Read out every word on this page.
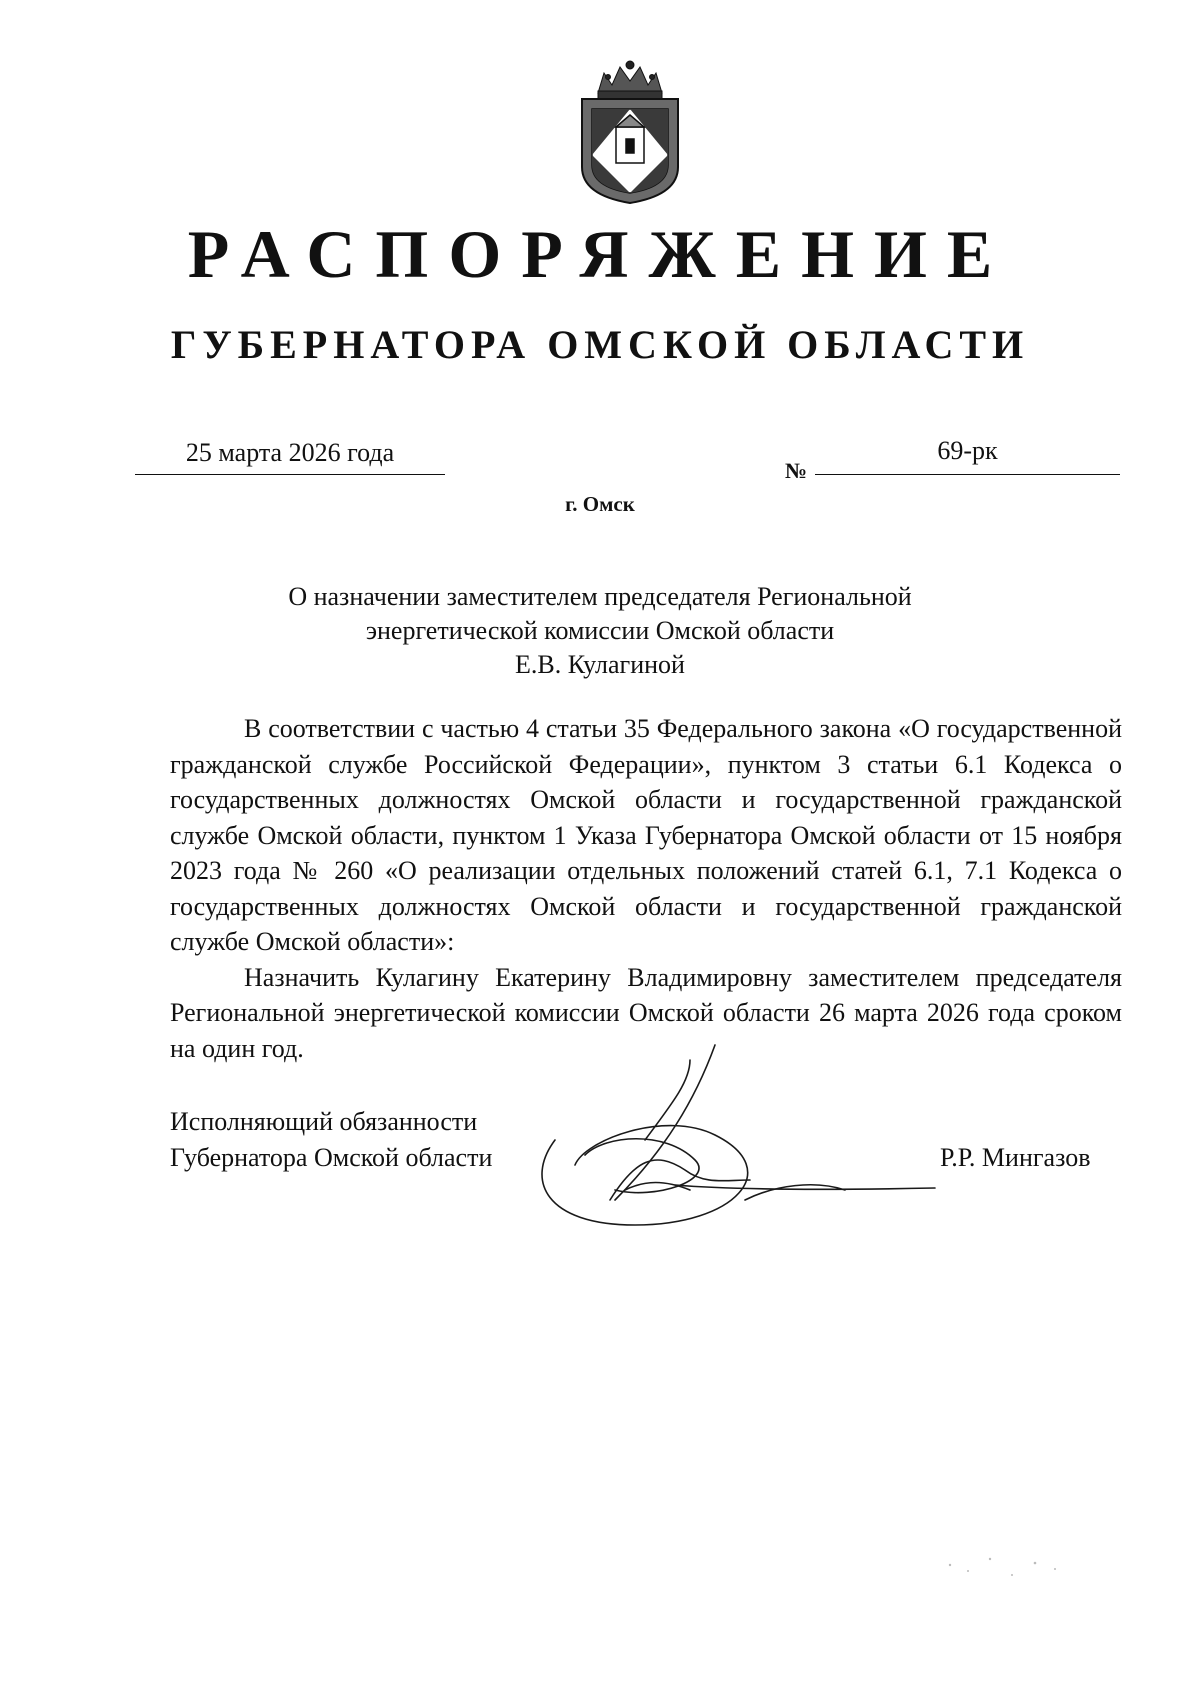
РАСПОРЯЖЕНИЕ
ГУБЕРНАТОРА ОМСКОЙ ОБЛАСТИ
25 марта 2026 года
№
69-рк
г. Омск
О назначении заместителем председателя Региональной
энергетической комиссии Омской области
Е.В. Кулагиной

В соответствии с частью 4 статьи 35 Федерального закона «О государственной гражданской службе Российской Федерации», пунктом 3 статьи 6.1 Кодекса о государственных должностях Омской области и государственной гражданской службе Омской области, пунктом 1 Указа Губернатора Омской области от 15 ноября 2023 года № 260 «О реализации отдельных положений статей 6.1, 7.1 Кодекса о государственных должностях Омской области и государственной гражданской службе Омской области»:

Назначить Кулагину Екатерину Владимировну заместителем председателя Региональной энергетической комиссии Омской области 26 марта 2026 года сроком на один год.

Исполняющий обязанности
Губернатора Омской области	Р.Р. Мингазов
